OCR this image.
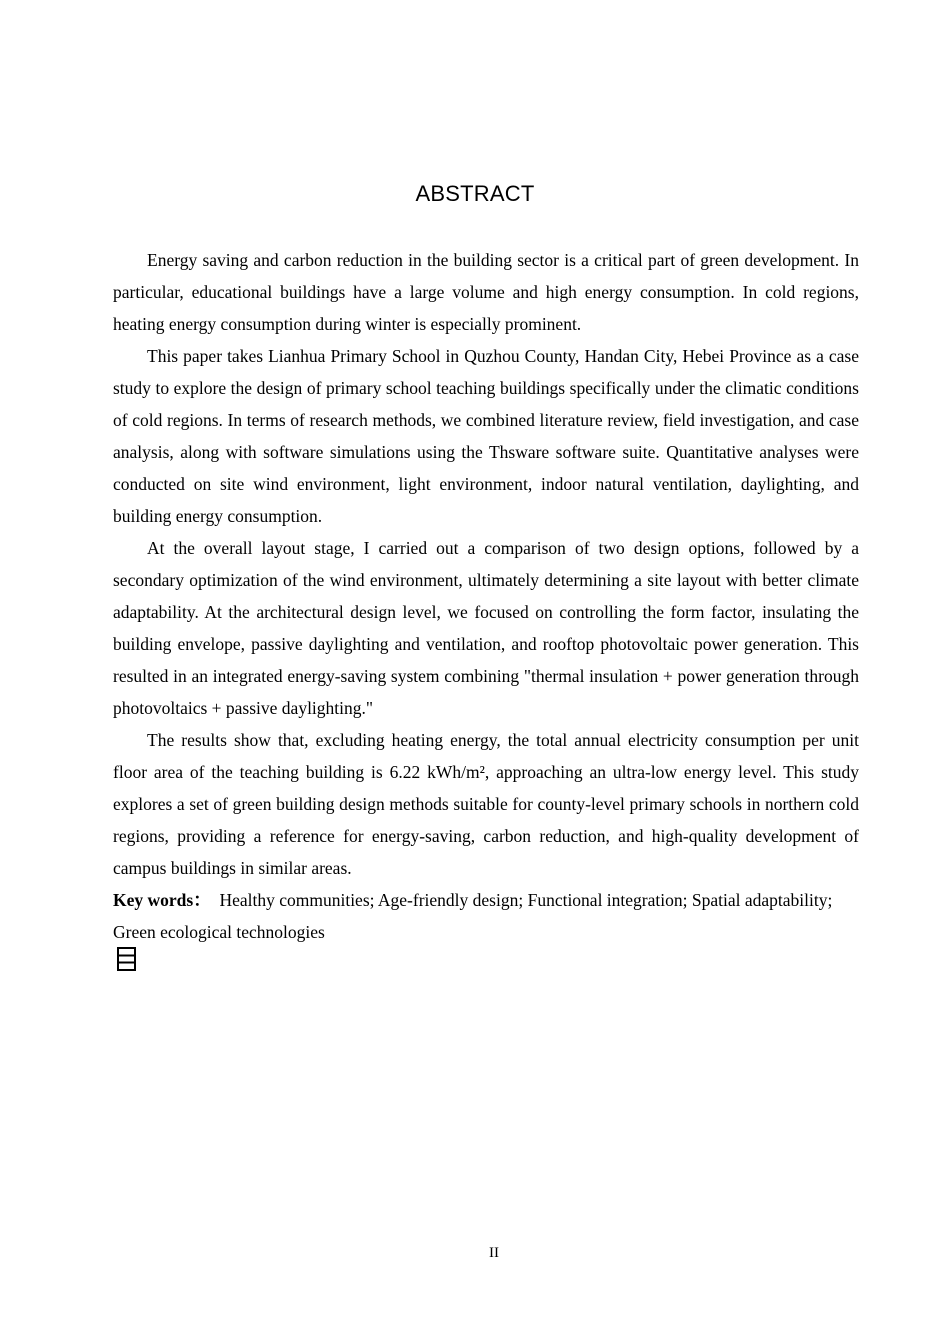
ABSTRACT

Energy saving and carbon reduction in the building sector is a critical part of green development. In particular, educational buildings have a large volume and high energy consumption. In cold regions, heating energy consumption during winter is especially prominent.

This paper takes Lianhua Primary School in Quzhou County, Handan City, Hebei Province as a case study to explore the design of primary school teaching buildings specifically under the climatic conditions of cold regions. In terms of research methods, we combined literature review, field investigation, and case analysis, along with software simulations using the Thsware software suite. Quantitative analyses were conducted on site wind environment, light environment, indoor natural ventilation, daylighting, and building energy consumption.

At the overall layout stage, I carried out a comparison of two design options, followed by a secondary optimization of the wind environment, ultimately determining a site layout with better climate adaptability. At the architectural design level, we focused on controlling the form factor, insulating the building envelope, passive daylighting and ventilation, and rooftop photovoltaic power generation. This resulted in an integrated energy-saving system combining "thermal insulation + power generation through photovoltaics + passive daylighting."

The results show that, excluding heating energy, the total annual electricity consumption per unit floor area of the teaching building is 6.22 kWh/m², approaching an ultra-low energy level. This study explores a set of green building design methods suitable for county-level primary schools in northern cold regions, providing a reference for energy-saving, carbon reduction, and high-quality development of campus buildings in similar areas.

Key words： Healthy communities; Age-friendly design; Functional integration; Spatial adaptability; Green ecological technologies

II
